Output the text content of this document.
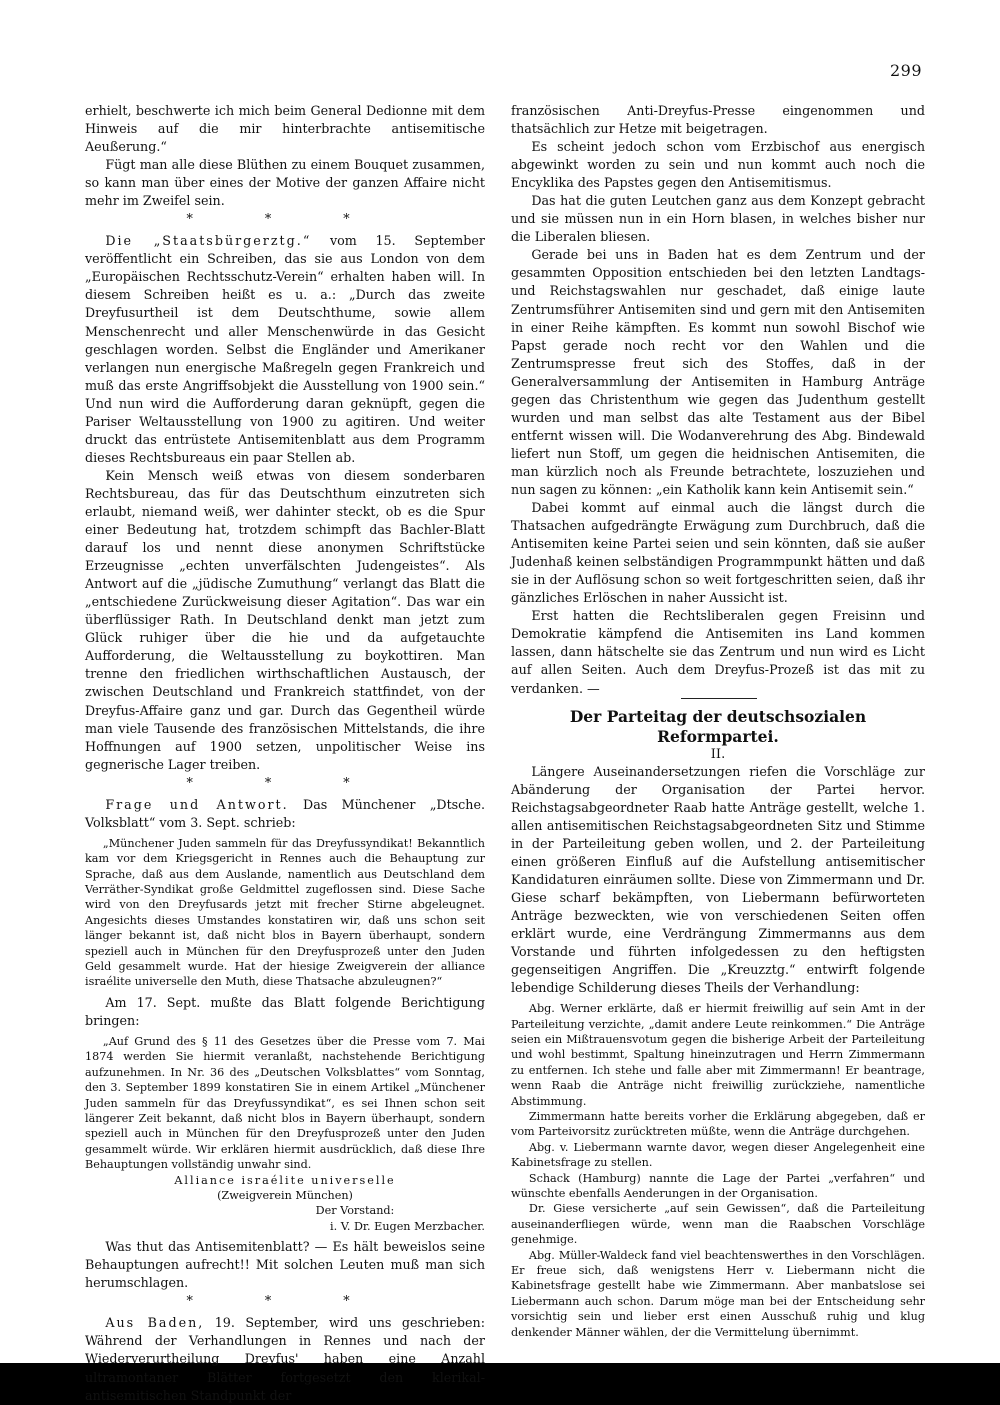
299

erhielt, beschwerte ich mich beim General Dedionne mit dem Hinweis auf die mir hinterbrachte antisemitische Aeußerung.“

Fügt man alle diese Blüthen zu einem Bouquet zusammen, so kann man über eines der Motive der ganzen Affaire nicht mehr im Zweifel sein.

* * *

Die „Staatsbürgerztg.“ vom 15. September veröffentlicht ein Schreiben, das sie aus London von dem „Europäischen Rechtsschutz-Verein“ erhalten haben will. In diesem Schreiben heißt es u. a.: „Durch das zweite Dreyfusurtheil ist dem Deutschthume, sowie allem Menschenrecht und aller Menschenwürde in das Gesicht geschlagen worden. Selbst die Engländer und Amerikaner verlangen nun energische Maßregeln gegen Frankreich und muß das erste Angriffsobjekt die Ausstellung von 1900 sein.“ Und nun wird die Aufforderung daran geknüpft, gegen die Pariser Weltausstellung von 1900 zu agitiren. Und weiter druckt das entrüstete Antisemitenblatt aus dem Programm dieses Rechtsbureaus ein paar Stellen ab.

Kein Mensch weiß etwas von diesem sonderbaren Rechtsbureau, das für das Deutschthum einzutreten sich erlaubt, niemand weiß, wer dahinter steckt, ob es die Spur einer Bedeutung hat, trotzdem schimpft das Bachler-Blatt darauf los und nennt diese anonymen Schriftstücke Erzeugnisse „echten unverfälschten Judengeistes“. Als Antwort auf die „jüdische Zumuthung“ verlangt das Blatt die „entschiedene Zurückweisung dieser Agitation“. Das war ein überflüssiger Rath. In Deutschland denkt man jetzt zum Glück ruhiger über die hie und da aufgetauchte Aufforderung, die Weltausstellung zu boykottiren. Man trenne den friedlichen wirthschaftlichen Austausch, der zwischen Deutschland und Frankreich stattfindet, von der Dreyfus-Affaire ganz und gar. Durch das Gegentheil würde man viele Tausende des französischen Mittelstands, die ihre Hoffnungen auf 1900 setzen, unpolitischer Weise ins gegnerische Lager treiben.

* * *

Frage und Antwort. Das Münchener „Dtsche. Volksblatt“ vom 3. Sept. schrieb:

„Münchener Juden sammeln für das Dreyfussyndikat! Bekanntlich kam vor dem Kriegsgericht in Rennes auch die Behauptung zur Sprache, daß aus dem Auslande, namentlich aus Deutschland dem Verräther-Syndikat große Geldmittel zugeflossen sind. Diese Sache wird von den Dreyfusards jetzt mit frecher Stirne abgeleugnet. Angesichts dieses Umstandes konstatiren wir, daß uns schon seit länger bekannt ist, daß nicht blos in Bayern überhaupt, sondern speziell auch in München für den Dreyfusprozeß unter den Juden Geld gesammelt wurde. Hat der hiesige Zweigverein der alliance israélite universelle den Muth, diese Thatsache abzuleugnen?“

Am 17. Sept. mußte das Blatt folgende Berichtigung bringen:

„Auf Grund des § 11 des Gesetzes über die Presse vom 7. Mai 1874 werden Sie hiermit veranlaßt, nachstehende Berichtigung aufzunehmen. In Nr. 36 des „Deutschen Volksblattes“ vom Sonntag, den 3. September 1899 konstatiren Sie in einem Artikel „Münchener Juden sammeln für das Dreyfussyndikat“, es sei Ihnen schon seit längerer Zeit bekannt, daß nicht blos in Bayern überhaupt, sondern speziell auch in München für den Dreyfusprozeß unter den Juden gesammelt würde. Wir erklären hiermit ausdrücklich, daß diese Ihre Behauptungen vollständig unwahr sind.

Alliance israélite universelle

(Zweigverein München)

Der Vorstand:

i. V. Dr. Eugen Merzbacher.

Was thut das Antisemitenblatt? — Es hält beweislos seine Behauptungen aufrecht!! Mit solchen Leuten muß man sich herumschlagen.

* * *

Aus Baden, 19. September, wird uns geschrieben: Während der Verhandlungen in Rennes und nach der Wiederverurtheilung Dreyfus' haben eine Anzahl ultramontaner Blätter fortgesetzt den klerikal-antisemitischen Standpunkt der

französischen Anti-Dreyfus-Presse eingenommen und thatsächlich zur Hetze mit beigetragen.

Es scheint jedoch schon vom Erzbischof aus energisch abgewinkt worden zu sein und nun kommt auch noch die Encyklika des Papstes gegen den Antisemitismus.

Das hat die guten Leutchen ganz aus dem Konzept gebracht und sie müssen nun in ein Horn blasen, in welches bisher nur die Liberalen bliesen.

Gerade bei uns in Baden hat es dem Zentrum und der gesammten Opposition entschieden bei den letzten Landtags- und Reichstagswahlen nur geschadet, daß einige laute Zentrumsführer Antisemiten sind und gern mit den Antisemiten in einer Reihe kämpften. Es kommt nun sowohl Bischof wie Papst gerade noch recht vor den Wahlen und die Zentrumspresse freut sich des Stoffes, daß in der Generalversammlung der Antisemiten in Hamburg Anträge gegen das Christenthum wie gegen das Judenthum gestellt wurden und man selbst das alte Testament aus der Bibel entfernt wissen will. Die Wodanverehrung des Abg. Bindewald liefert nun Stoff, um gegen die heidnischen Antisemiten, die man kürzlich noch als Freunde betrachtete, loszuziehen und nun sagen zu können: „ein Katholik kann kein Antisemit sein.“

Dabei kommt auf einmal auch die längst durch die Thatsachen aufgedrängte Erwägung zum Durchbruch, daß die Antisemiten keine Partei seien und sein könnten, daß sie außer Judenhaß keinen selbständigen Programmpunkt hätten und daß sie in der Auflösung schon so weit fortgeschritten seien, daß ihr gänzliches Erlöschen in naher Aussicht ist.

Erst hatten die Rechtsliberalen gegen Freisinn und Demokratie kämpfend die Antisemiten ins Land kommen lassen, dann hätschelte sie das Zentrum und nun wird es Licht auf allen Seiten. Auch dem Dreyfus-Prozeß ist das mit zu verdanken. —

Der Parteitag der deutschsozialen Reformpartei.

II.

Längere Auseinandersetzungen riefen die Vorschläge zur Abänderung der Organisation der Partei hervor. Reichstagsabgeordneter Raab hatte Anträge gestellt, welche 1. allen antisemitischen Reichstagsabgeordneten Sitz und Stimme in der Parteileitung geben wollen, und 2. der Parteileitung einen größeren Einfluß auf die Aufstellung antisemitischer Kandidaturen einräumen sollte. Diese von Zimmermann und Dr. Giese scharf bekämpften, von Liebermann befürworteten Anträge bezweckten, wie von verschiedenen Seiten offen erklärt wurde, eine Verdrängung Zimmermanns aus dem Vorstande und führten infolgedessen zu den heftigsten gegenseitigen Angriffen. Die „Kreuzztg.“ entwirft folgende lebendige Schilderung dieses Theils der Verhandlung:

Abg. Werner erklärte, daß er hiermit freiwillig auf sein Amt in der Parteileitung verzichte, „damit andere Leute reinkommen.“ Die Anträge seien ein Mißtrauensvotum gegen die bisherige Arbeit der Parteileitung und wohl bestimmt, Spaltung hineinzutragen und Herrn Zimmermann zu entfernen. Ich stehe und falle aber mit Zimmermann! Er beantrage, wenn Raab die Anträge nicht freiwillig zurückziehe, namentliche Abstimmung.

Zimmermann hatte bereits vorher die Erklärung abgegeben, daß er vom Parteivorsitz zurücktreten müßte, wenn die Anträge durchgehen.

Abg. v. Liebermann warnte davor, wegen dieser Angelegenheit eine Kabinetsfrage zu stellen.

Schack (Hamburg) nannte die Lage der Partei „verfahren“ und wünschte ebenfalls Aenderungen in der Organisation.

Dr. Giese versicherte „auf sein Gewissen“, daß die Parteileitung auseinanderfliegen würde, wenn man die Raabschen Vorschläge genehmige.

Abg. Müller-Waldeck fand viel beachtenswerthes in den Vorschlägen. Er freue sich, daß wenigstens Herr v. Liebermann nicht die Kabinetsfrage gestellt habe wie Zimmermann. Aber manbatslose sei Liebermann auch schon. Darum möge man bei der Entscheidung sehr vorsichtig sein und lieber erst einen Ausschuß ruhig und klug denkender Männer wählen, der die Vermittelung übernimmt.
